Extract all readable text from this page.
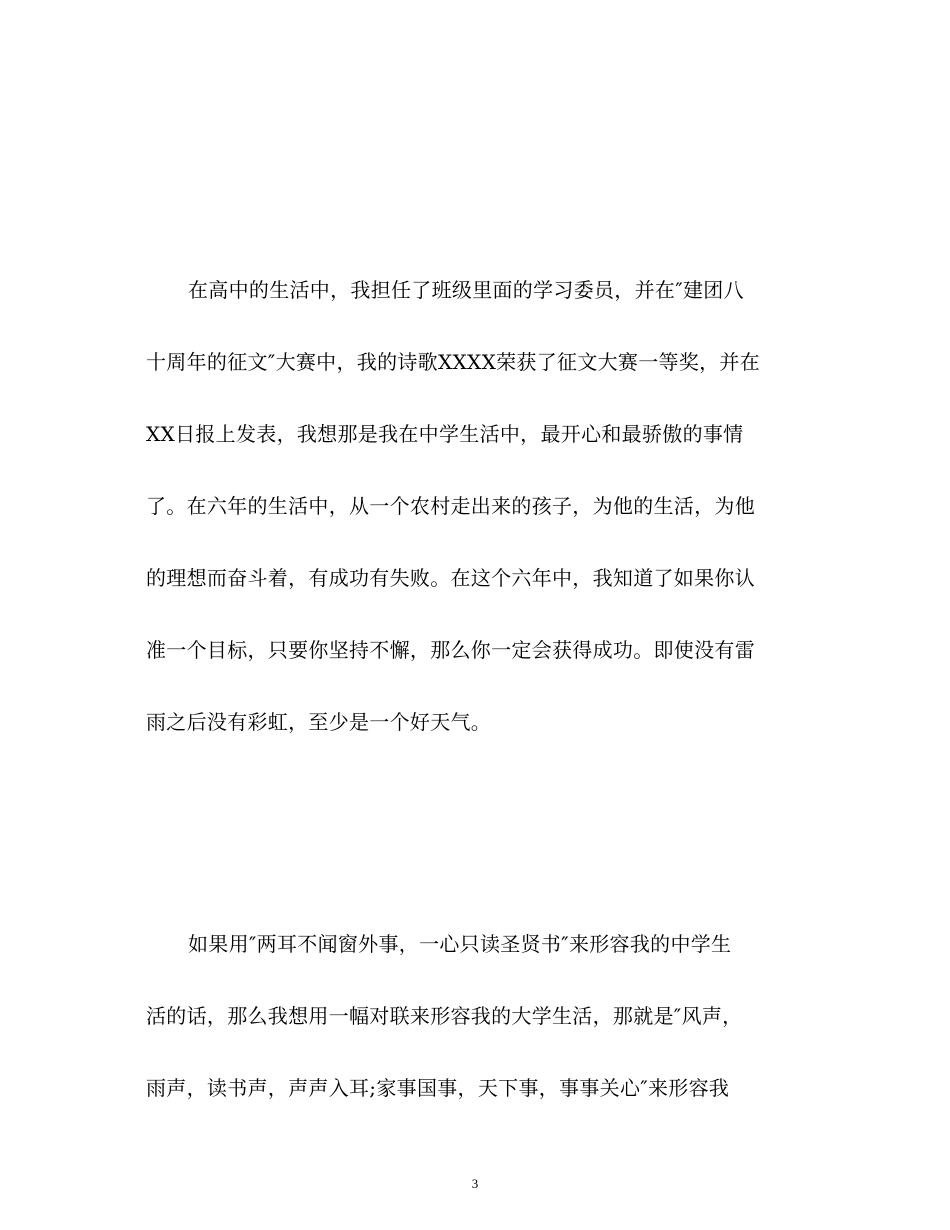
在高中的生活中，我担任了班级里面的学习委员，并在″建团八
十周年的征文″大赛中，我的诗歌XXXX荣获了征文大赛一等奖，并在
XX日报上发表，我想那是我在中学生活中，最开心和最骄傲的事情
了。在六年的生活中，从一个农村走出来的孩子，为他的生活，为他
的理想而奋斗着，有成功有失败。在这个六年中，我知道了如果你认
准一个目标，只要你坚持不懈，那么你一定会获得成功。即使没有雷
雨之后没有彩虹，至少是一个好天气。
如果用″两耳不闻窗外事，一心只读圣贤书″来形容我的中学生
活的话，那么我想用一幅对联来形容我的大学生活，那就是″风声，
雨声，读书声，声声入耳;家事国事，天下事，事事关心″来形容我
3
